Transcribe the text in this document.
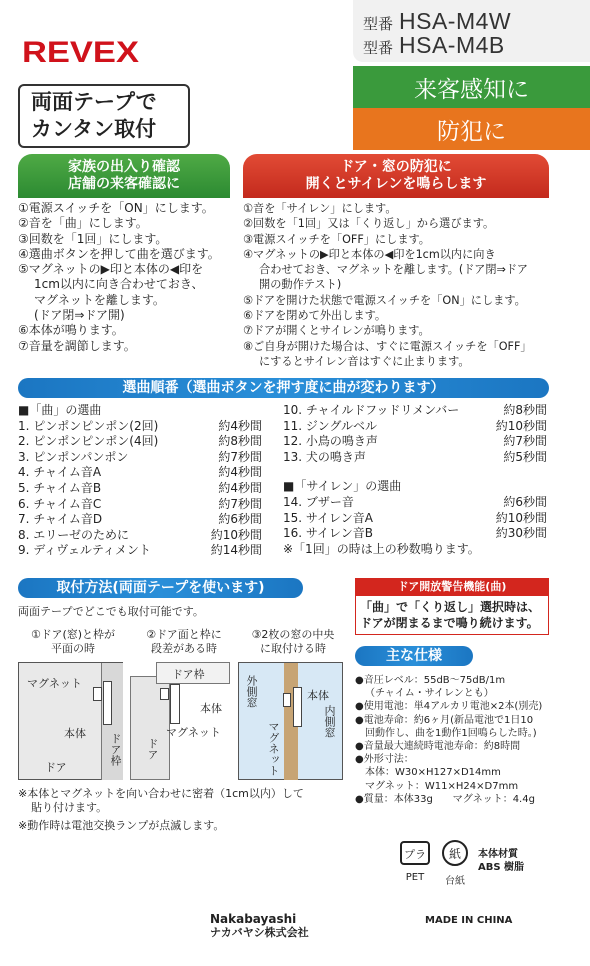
REVEX
型番 HSA-M4W
型番 HSA-M4B
来客感知に
防犯に
両面テープで
カンタン取付
家族の出入り確認
店舗の来客確認に
ドア・窓の防犯に
開くとサイレンを鳴らします
①電源スイッチを「ON」にします。
②音を「曲」にします。
③回数を「1回」にします。
④選曲ボタンを押して曲を選びます。
⑤マグネットの▶印と本体の◀印を
1cm以内に向き合わせておき、
マグネットを離します。
(ドア閉⇒ドア開)
⑥本体が鳴ります。
⑦音量を調節します。
①音を「サイレン」にします。
②回数を「1回」又は「くり返し」から選びます。
③電源スイッチを「OFF」にします。
④マグネットの▶印と本体の◀印を1cm以内に向き
合わせておき、マグネットを離します。(ドア閉⇒ドア
開の動作テスト)
⑤ドアを開けた状態で電源スイッチを「ON」にします。
⑥ドアを閉めて外出します。
⑦ドアが開くとサイレンが鳴ります。
⑧ご自身が開けた場合は、すぐに電源スイッチを「OFF」
にするとサイレン音はすぐに止まります。
選曲順番（選曲ボタンを押す度に曲が変わります）
■「曲」の選曲
1. ピンポンピンポン(2回)	約4秒間
2. ピンポンピンポン(4回)	約8秒間
3. ピンポンパンポン	約7秒間
4. チャイム音A	約4秒間
5. チャイム音B	約4秒間
6. チャイム音C	約7秒間
7. チャイム音D	約6秒間
8. エリーゼのために	約10秒間
9. ディヴェルティメント	約14秒間
10. チャイルドフッドリメンバー	約8秒間
11. ジングルベル	約10秒間
12. 小鳥の鳴き声	約7秒間
13. 犬の鳴き声	約5秒間
■「サイレン」の選曲
14. ブザー音	約6秒間
15. サイレン音A	約10秒間
16. サイレン音B	約30秒間
※「1回」の時は上の秒数鳴ります。
取付方法(両面テープを使います)
両面テープでどこでも取付可能です。
①ドア(窓)と枠が
平面の時
②ドア面と枠に
段差がある時
③2枚の窓の中央
に取付ける時
マグネット
本体 ドア枠
ドア
ドア枠
本体
マグネット
ドア
外側窓
マグネット
本体
内側窓
※本体とマグネットを向い合わせに密着（1cm以内）して
貼り付けます。
※動作時は電池交換ランプが点滅します。
ドア開放警告機能(曲)
「曲」で「くり返し」選択時は、
ドアが閉まるまで鳴り続けます。
主な仕様
●音圧レベル：55dB～75dB/1m
（チャイム・サイレンとも）
●使用電池：単4アルカリ電池×2本(別売)
●電池寿命：約6ヶ月(新品電池で1日10
回動作し、曲を1動作1回鳴らした時。)
●音量最大連続時電池寿命：約8時間
●外形寸法：
本体：W30×H127×D14mm
マグネット：W11×H24×D7mm
●質量：本体33g　　マグネット：4.4g
プラ
PET
紙
台紙
本体材質
ABS 樹脂
Nakabayashi
ナカバヤシ株式会社
MADE IN CHINA
